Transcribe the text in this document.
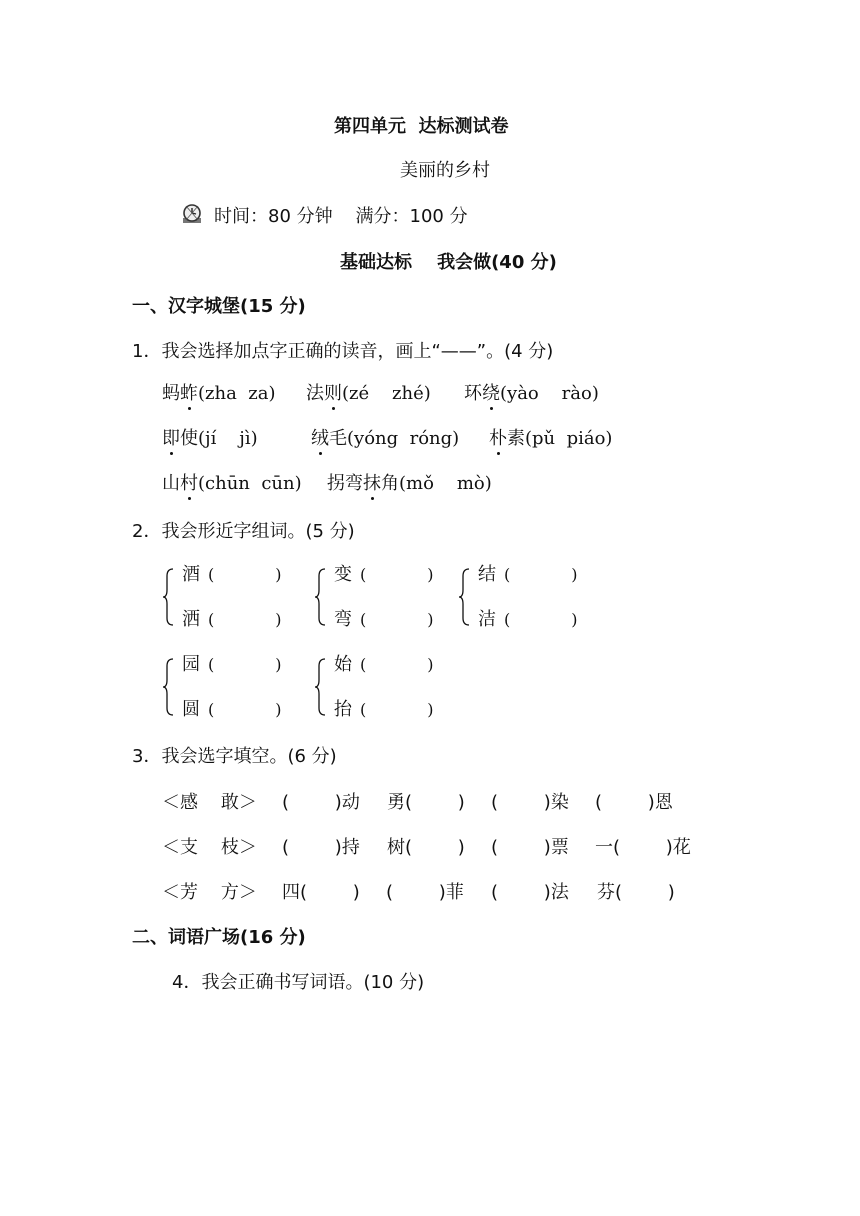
第四单元  达标测试卷
美丽的乡村
时间：80 分钟    满分：100 分
基础达标    我会做(40 分)
一、汉字城堡(15 分)
1．我会选择加点字正确的读音，画上“——”。(4 分)
蚂蚱(zha  za) 法则(zé    zhé) 环绕(yào    rào)
即使(jí    jì)	绒毛(yóng  róng) 朴素(pǔ  piáo)
山村(chūn  cūn) 拐弯抹角(mǒ    mò)
2．我会形近字组词。(5 分)
酒 (            )
洒 (            )
变 (            )
弯 (            )
结 (            )
洁 (            )
园 (            )
圆 (            )
始 (            )
抬 (            )
3．我会选字填空。(6 分)
＜感    敢＞ (        )动 勇(        ) (        )染 (        )恩
＜支    枝＞ (        )持 树(        ) (        )票 一(        )花
＜芳    方＞ 四(        ) (        )菲 (        )法 芬(        )
二、词语广场(16 分)
4．我会正确书写词语。(10 分)
